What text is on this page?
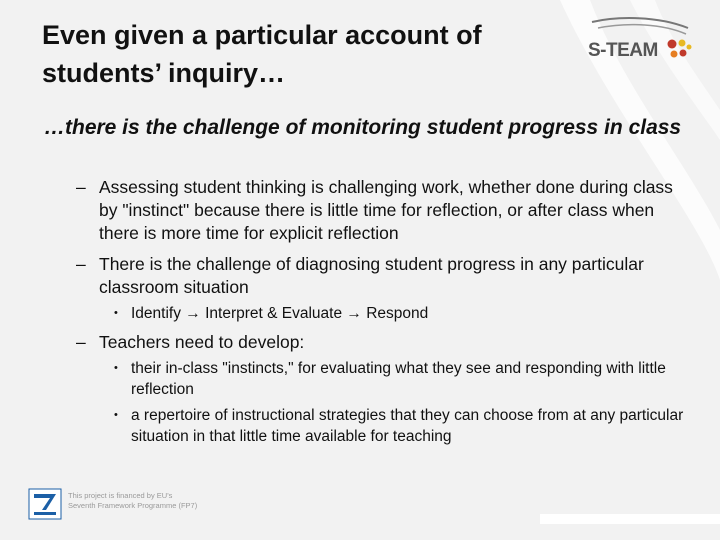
Even given a particular account of students’ inquiry…
S-TEAM
…there is the challenge of monitoring student progress in class
– Assessing student thinking is challenging work, whether done during class by "instinct" because there is little time for reflection, or after class when there is more time for explicit reflection
– There is the challenge of diagnosing student progress in any particular classroom situation
• Identify → Interpret & Evaluate → Respond
– Teachers need to develop:
• their in-class "instincts," for evaluating what they see and responding with little reflection
• a repertoire of instructional strategies that they can choose from at any particular situation in that little time available for teaching
This project is financed by EU's Seventh Framework Programme (FP7)
